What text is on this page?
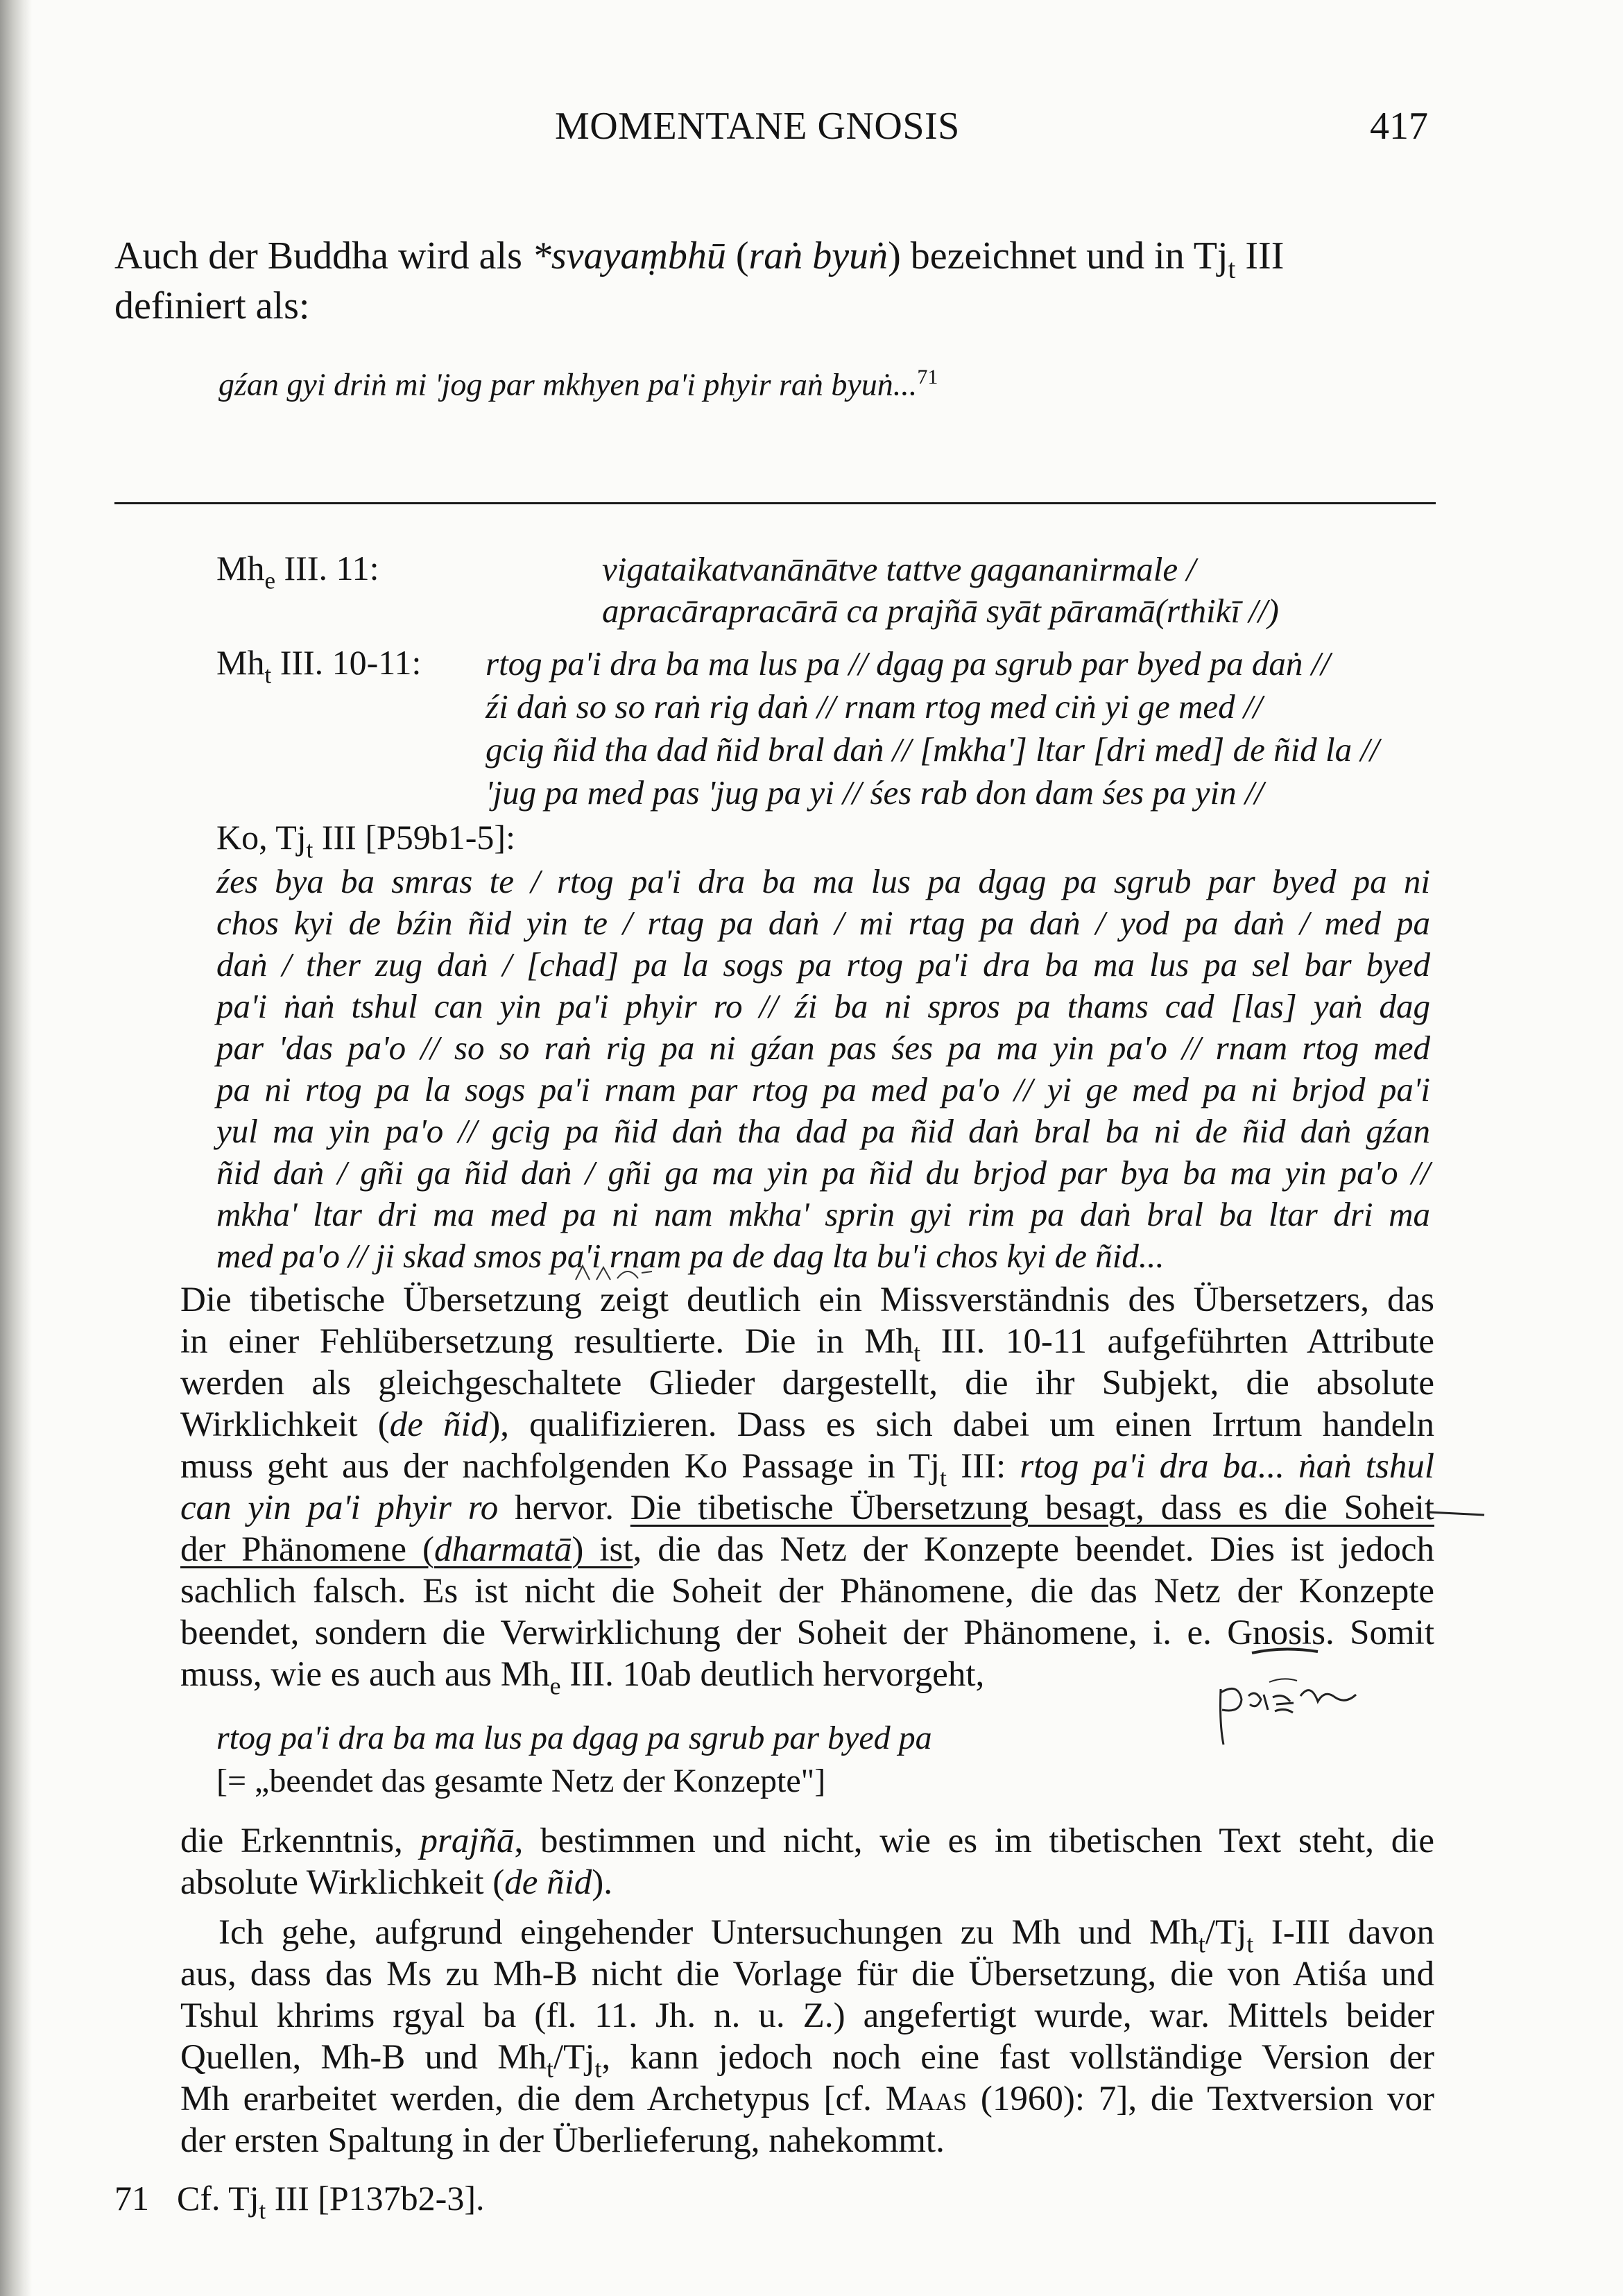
MOMENTANE GNOSIS	417
Auch der Buddha wird als *svayaṃbhū (raṅ byuṅ) bezeichnet und in $Tj_t$ III
definiert als:
gźan gyi driṅ mi 'jog par mkhyen pa'i phyir raṅ byuṅ...$^{71}$
$Mh_e$ III. 11:	vigataikatvanānātve tattve gagananirmale /
apracārapracārā ca prajñā syāt pāramā(rthikī //)
$Mh_t$ III. 10-11: rtog pa'i dra ba ma lus pa // dgag pa sgrub par byed pa daṅ //
źi daṅ so so raṅ rig daṅ // rnam rtog med ciṅ yi ge med //
gcig ñid tha dad ñid bral daṅ // [mkha'] ltar [dri med] de ñid la //
'jug pa med pas 'jug pa yi // śes rab don dam śes pa yin //
Ko, $Tj_t$ III [P59b1-5]:
źes bya ba smras te / rtog pa'i dra ba ma lus pa dgag pa sgrub par byed pa ni
chos kyi de bźin ñid yin te / rtag pa daṅ / mi rtag pa daṅ / yod pa daṅ / med pa
daṅ / ther zug daṅ / [chad] pa la sogs pa rtog pa'i dra ba ma lus pa sel bar byed
pa'i ṅaṅ tshul can yin pa'i phyir ro // źi ba ni spros pa thams cad [las] yaṅ dag
par 'das pa'o // so so raṅ rig pa ni gźan pas śes pa ma yin pa'o // rnam rtog med
pa ni rtog pa la sogs pa'i rnam par rtog pa med pa'o // yi ge med pa ni brjod pa'i
yul ma yin pa'o // gcig pa ñid daṅ tha dad pa ñid daṅ bral ba ni de ñid daṅ gźan
ñid daṅ / gñi ga ñid daṅ / gñi ga ma yin pa ñid du brjod par bya ba ma yin pa'o //
mkha' ltar dri ma med pa ni nam mkha' sprin gyi rim pa daṅ bral ba ltar dri ma
med pa'o // ji skad smos pa'i rnam pa de dag lta bu'i chos kyi de ñid...
Die tibetische Übersetzung zeigt deutlich ein Missverständnis des Übersetzers, das
in einer Fehlübersetzung resultierte. Die in $Mh_t$ III. 10-11 aufgeführten Attribute
werden als gleichgeschaltete Glieder dargestellt, die ihr Subjekt, die absolute
Wirklichkeit (de ñid), qualifizieren. Dass es sich dabei um einen Irrtum handeln
muss geht aus der nachfolgenden Ko Passage in $Tj_t$ III: rtog pa'i dra ba... ṅaṅ tshul
can yin pa'i phyir ro hervor. Die tibetische Übersetzung besagt, dass es die Soheit
der Phänomene (dharmatā) ist, die das Netz der Konzepte beendet. Dies ist jedoch
sachlich falsch. Es ist nicht die Soheit der Phänomene, die das Netz der Konzepte
beendet, sondern die Verwirklichung der Soheit der Phänomene, i. e. Gnosis. Somit
muss, wie es auch aus $Mh_e$ III. 10ab deutlich hervorgeht,
rtog pa'i dra ba ma lus pa dgag pa sgrub par byed pa
[= „beendet das gesamte Netz der Konzepte"]
die Erkenntnis, prajñā, bestimmen und nicht, wie es im tibetischen Text steht, die
absolute Wirklichkeit (de ñid).
Ich gehe, aufgrund eingehender Untersuchungen zu Mh und $Mh_t/Tj_t$ I-III davon
aus, dass das Ms zu Mh-B nicht die Vorlage für die Übersetzung, die von Atiśa und
Tshul khrims rgyal ba (fl. 11. Jh. n. u. Z.) angefertigt wurde, war. Mittels beider
Quellen, Mh-B und $Mh_t/Tj_t$, kann jedoch noch eine fast vollständige Version der
Mh erarbeitet werden, die dem Archetypus [cf. Maas (1960): 7], die Textversion vor
der ersten Spaltung in der Überlieferung, nahekommt.
71 Cf. $Tj_t$ III [P137b2-3].
